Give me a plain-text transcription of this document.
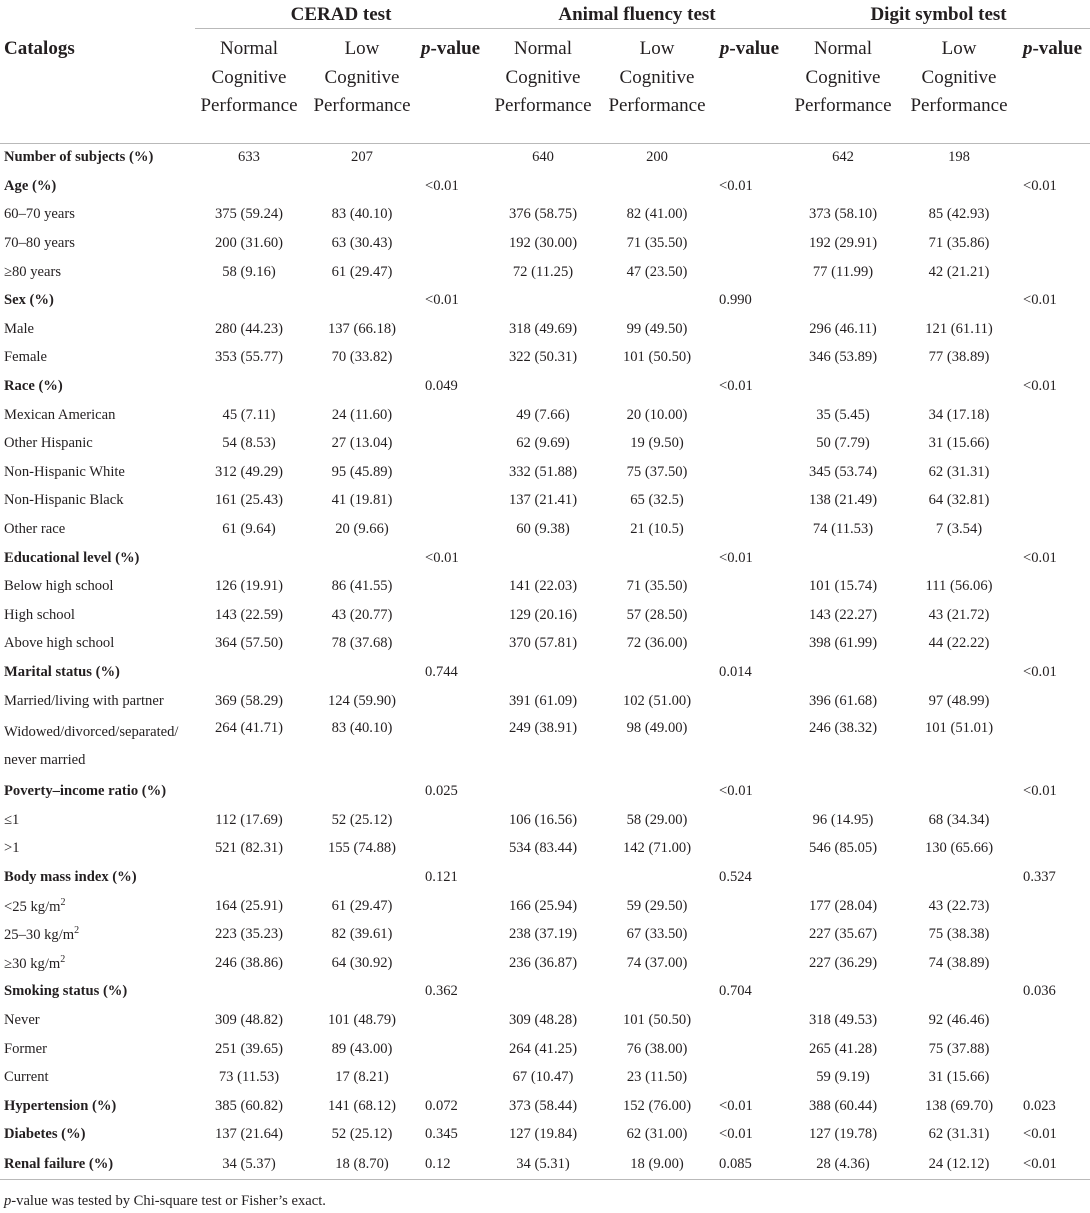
	CERAD test			Animal fluency test			Digit symbol test		
Catalogs	Normal
Cognitive
Performance	Low
Cognitive
Performance	p-value	Normal
Cognitive
Performance	Low
Cognitive
Performance	p-value	Normal
Cognitive
Performance	Low
Cognitive
Performance	p-value

Number of subjects (%)	633	207		640	200		642	198	
Age (%)			<0.01			<0.01			<0.01
60–70 years	375 (59.24)	83 (40.10)		376 (58.75)	82 (41.00)		373 (58.10)	85 (42.93)	
70–80 years	200 (31.60)	63 (30.43)		192 (30.00)	71 (35.50)		192 (29.91)	71 (35.86)	
≥80 years	58 (9.16)	61 (29.47)		72 (11.25)	47 (23.50)		77 (11.99)	42 (21.21)	
Sex (%)			<0.01			0.990			<0.01
Male	280 (44.23)	137 (66.18)		318 (49.69)	99 (49.50)		296 (46.11)	121 (61.11)	
Female	353 (55.77)	70 (33.82)		322 (50.31)	101 (50.50)		346 (53.89)	77 (38.89)	
Race (%)			0.049			<0.01			<0.01
Mexican American	45 (7.11)	24 (11.60)		49 (7.66)	20 (10.00)		35 (5.45)	34 (17.18)	
Other Hispanic	54 (8.53)	27 (13.04)		62 (9.69)	19 (9.50)		50 (7.79)	31 (15.66)	
Non-Hispanic White	312 (49.29)	95 (45.89)		332 (51.88)	75 (37.50)		345 (53.74)	62 (31.31)	
Non-Hispanic Black	161 (25.43)	41 (19.81)		137 (21.41)	65 (32.5)		138 (21.49)	64 (32.81)	
Other race	61 (9.64)	20 (9.66)		60 (9.38)	21 (10.5)		74 (11.53)	7 (3.54)	
Educational level (%)			<0.01			<0.01			<0.01
Below high school	126 (19.91)	86 (41.55)		141 (22.03)	71 (35.50)		101 (15.74)	111 (56.06)	
High school	143 (22.59)	43 (20.77)		129 (20.16)	57 (28.50)		143 (22.27)	43 (21.72)	
Above high school	364 (57.50)	78 (37.68)		370 (57.81)	72 (36.00)		398 (61.99)	44 (22.22)	
Marital status (%)			0.744			0.014			<0.01
Married/living with partner	369 (58.29)	124 (59.90)		391 (61.09)	102 (51.00)		396 (61.68)	97 (48.99)	
Widowed/divorced/separated/ never married	264 (41.71)	83 (40.10)		249 (38.91)	98 (49.00)		246 (38.32)	101 (51.01)	
Poverty–income ratio (%)			0.025			<0.01			<0.01
≤1	112 (17.69)	52 (25.12)		106 (16.56)	58 (29.00)		96 (14.95)	68 (34.34)	
>1	521 (82.31)	155 (74.88)		534 (83.44)	142 (71.00)		546 (85.05)	130 (65.66)	
Body mass index (%)			0.121			0.524			0.337
<25 $kg/m^2$	164 (25.91)	61 (29.47)		166 (25.94)	59 (29.50)		177 (28.04)	43 (22.73)	
25–30 $kg/m^2$	223 (35.23)	82 (39.61)		238 (37.19)	67 (33.50)		227 (35.67)	75 (38.38)	
≥30 $kg/m^2$	246 (38.86)	64 (30.92)		236 (36.87)	74 (37.00)		227 (36.29)	74 (38.89)	
Smoking status (%)			0.362			0.704			0.036
Never	309 (48.82)	101 (48.79)		309 (48.28)	101 (50.50)		318 (49.53)	92 (46.46)	
Former	251 (39.65)	89 (43.00)		264 (41.25)	76 (38.00)		265 (41.28)	75 (37.88)	
Current	73 (11.53)	17 (8.21)		67 (10.47)	23 (11.50)		59 (9.19)	31 (15.66)	
Hypertension (%)	385 (60.82)	141 (68.12)	0.072	373 (58.44)	152 (76.00)	<0.01	388 (60.44)	138 (69.70)	0.023
Diabetes (%)	137 (21.64)	52 (25.12)	0.345	127 (19.84)	62 (31.00)	<0.01	127 (19.78)	62 (31.31)	<0.01
Renal failure (%)	34 (5.37)	18 (8.70)	0.12	34 (5.31)	18 (9.00)	0.085	28 (4.36)	24 (12.12)	<0.01
p-value was tested by Chi-square test or Fisher’s exact.
